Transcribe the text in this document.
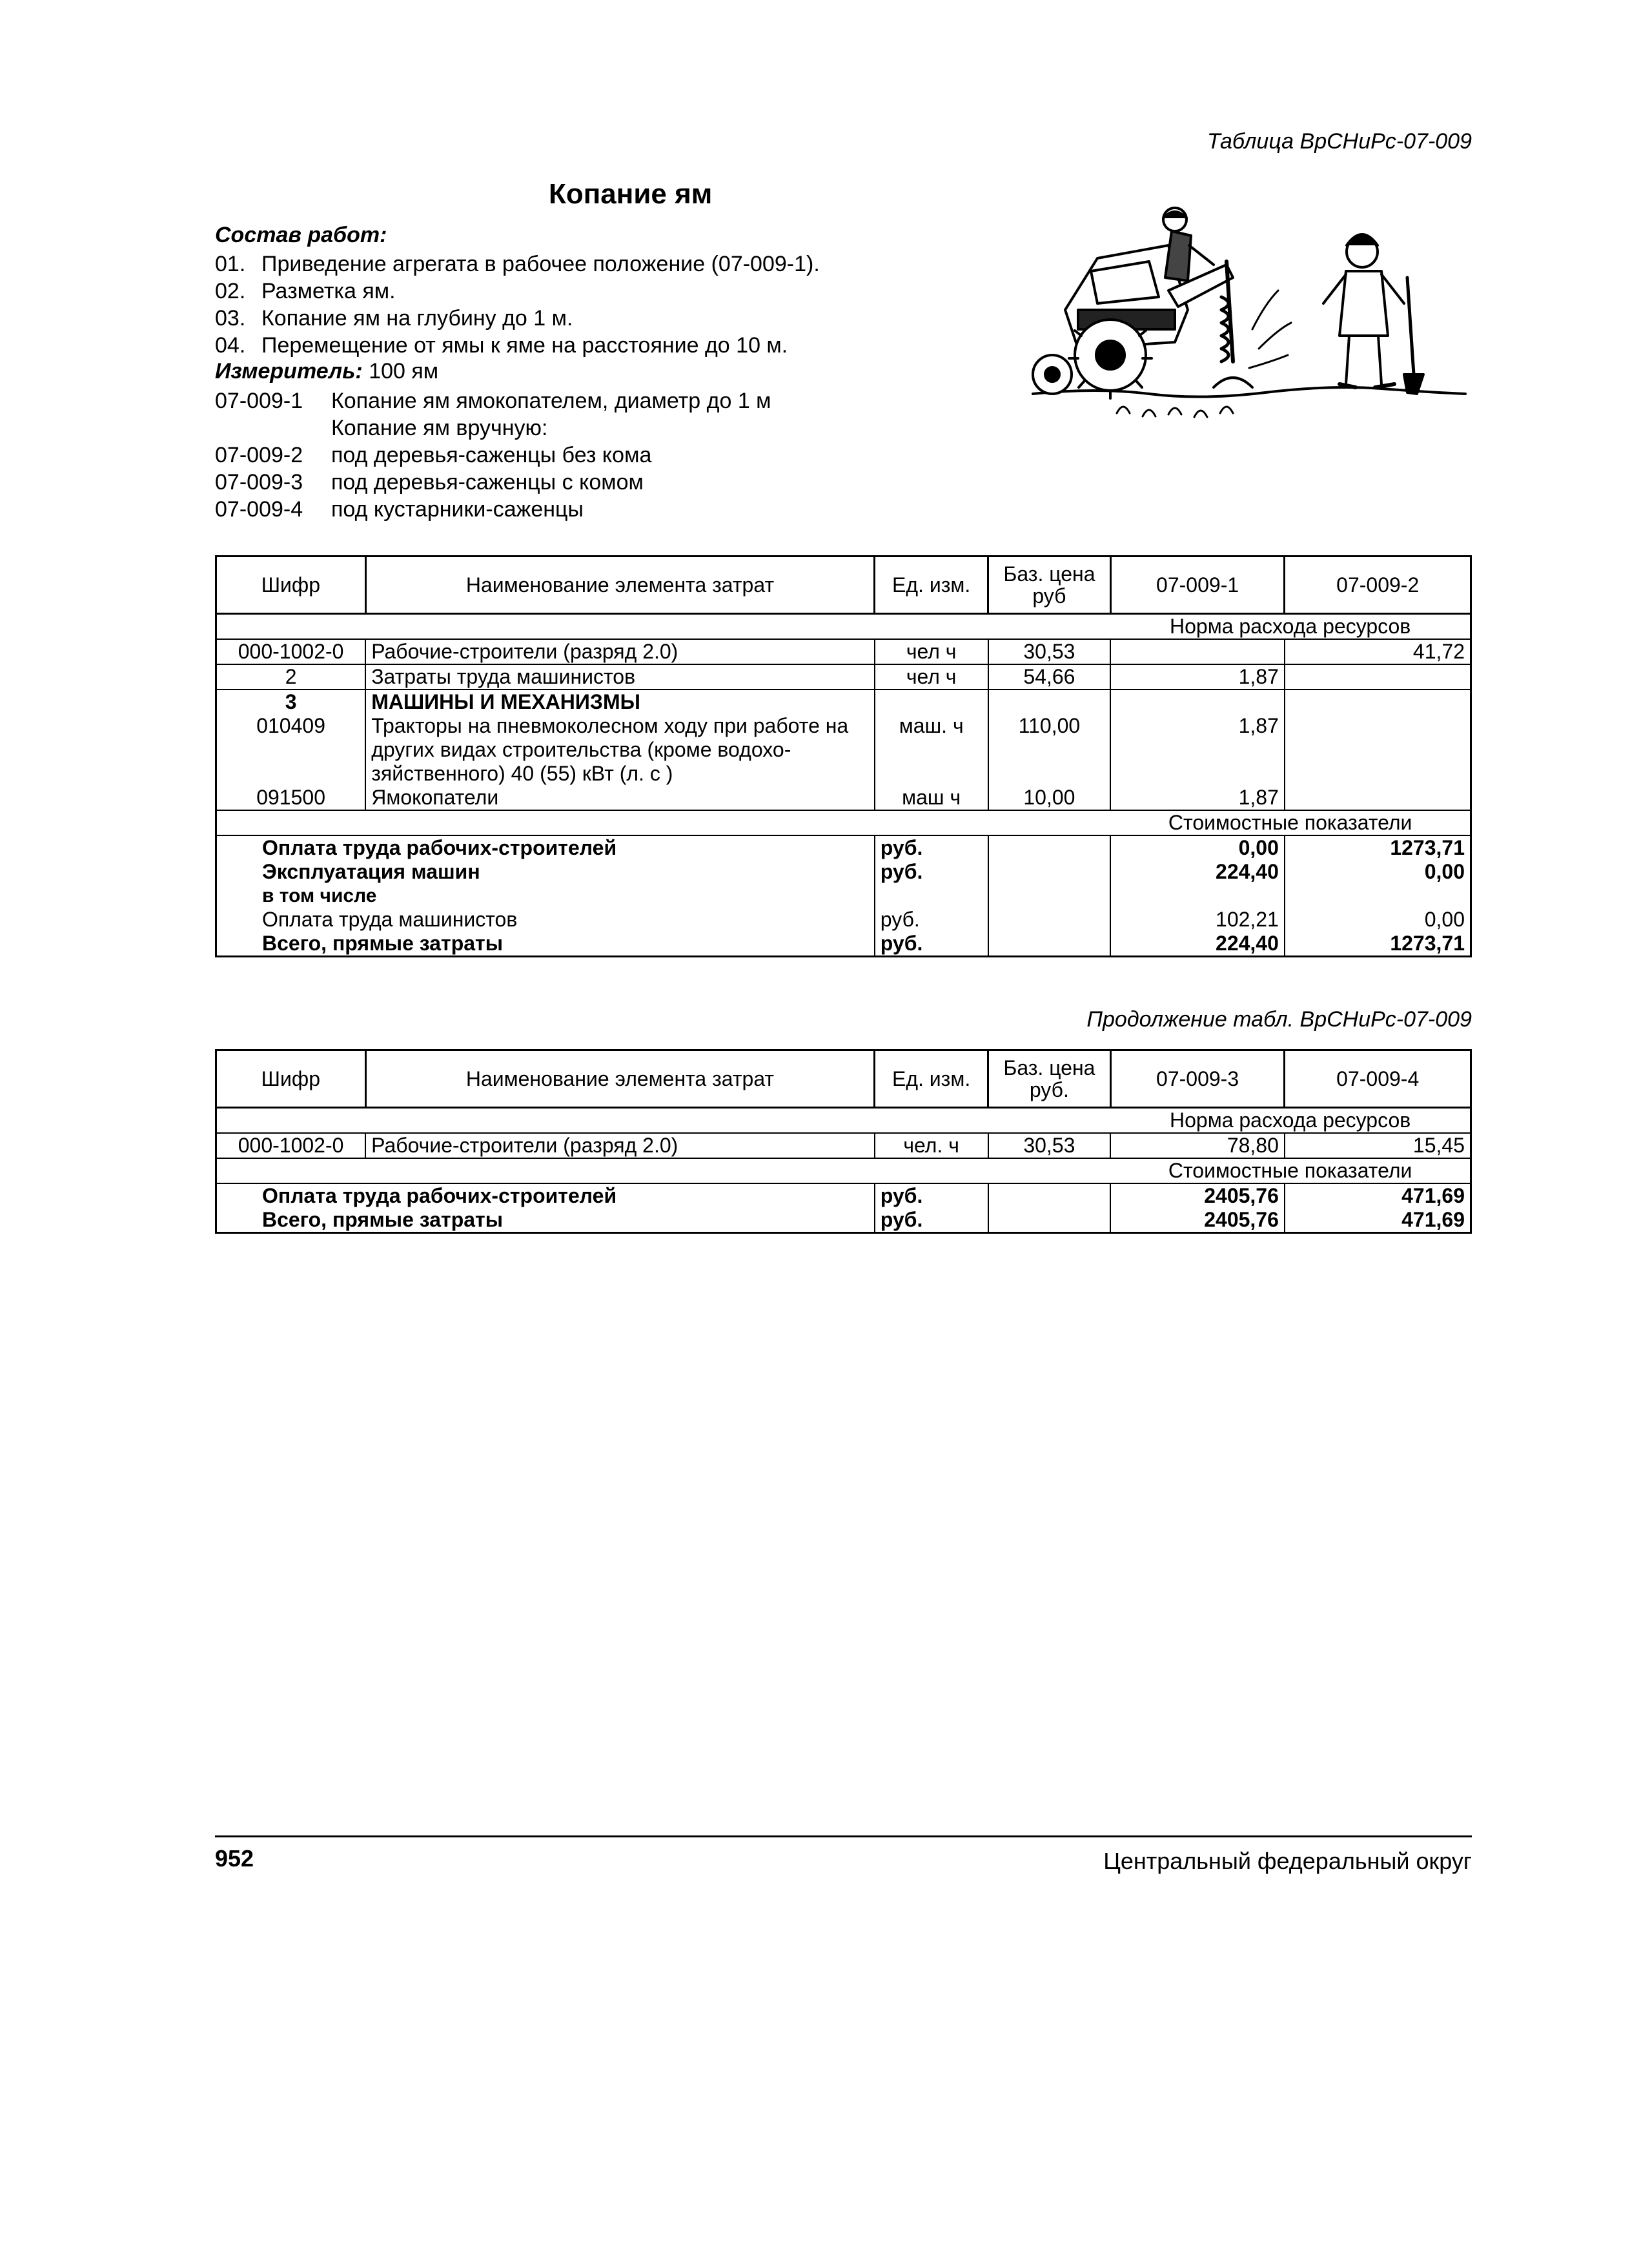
Таблица ВрСНиРс-07-009
Копание ям
Состав работ:
01. Приведение агрегата в рабочее положение (07-009-1).
02. Разметка ям.
03. Копание ям на глубину до 1 м.
04. Перемещение от ямы к яме на расстояние до 10 м.
Измеритель: 100 ям
07-009-1 Копание ям ямокопателем, диаметр до 1 м
Копание ям вручную:
07-009-2 под деревья-саженцы без кома
07-009-3 под деревья-саженцы с комом
07-009-4 под кустарники-саженцы
Шифр	Наименование элемента затрат	Ед. изм.	Баз. цена руб	07-009-1	07-009-2
				Норма расхода ресурсов	
000-1002-0	Рабочие-строители (разряд 2.0)	чел ч	30,53		41,72
2	Затраты труда машинистов	чел ч	54,66	1,87	
3	МАШИНЫ И МЕХАНИЗМЫ				
010409	Тракторы на пневмоколесном ходу при работе на других видах строительства (кроме водохо-зяйственного) 40 (55) кВт (л. с )	маш. ч	110,00	1,87	
091500	Ямокопатели	маш ч	10,00	1,87	
				Стоимостные показатели	
Оплата труда рабочих-строителей		руб.		0,00	1273,71
Эксплуатация машин		руб.		224,40	0,00
в том числе					
Оплата труда машинистов		руб.		102,21	0,00
Всего, прямые затраты		руб.		224,40	1273,71
Продолжение табл. ВрСНиРс-07-009
Шифр	Наименование элемента затрат	Ед. изм.	Баз. цена руб.	07-009-3	07-009-4
				Норма расхода ресурсов	
000-1002-0	Рабочие-строители (разряд 2.0)	чел. ч	30,53	78,80	15,45
				Стоимостные показатели	
Оплата труда рабочих-строителей		руб.		2405,76	471,69
Всего, прямые затраты		руб.		2405,76	471,69
952	Центральный федеральный округ
